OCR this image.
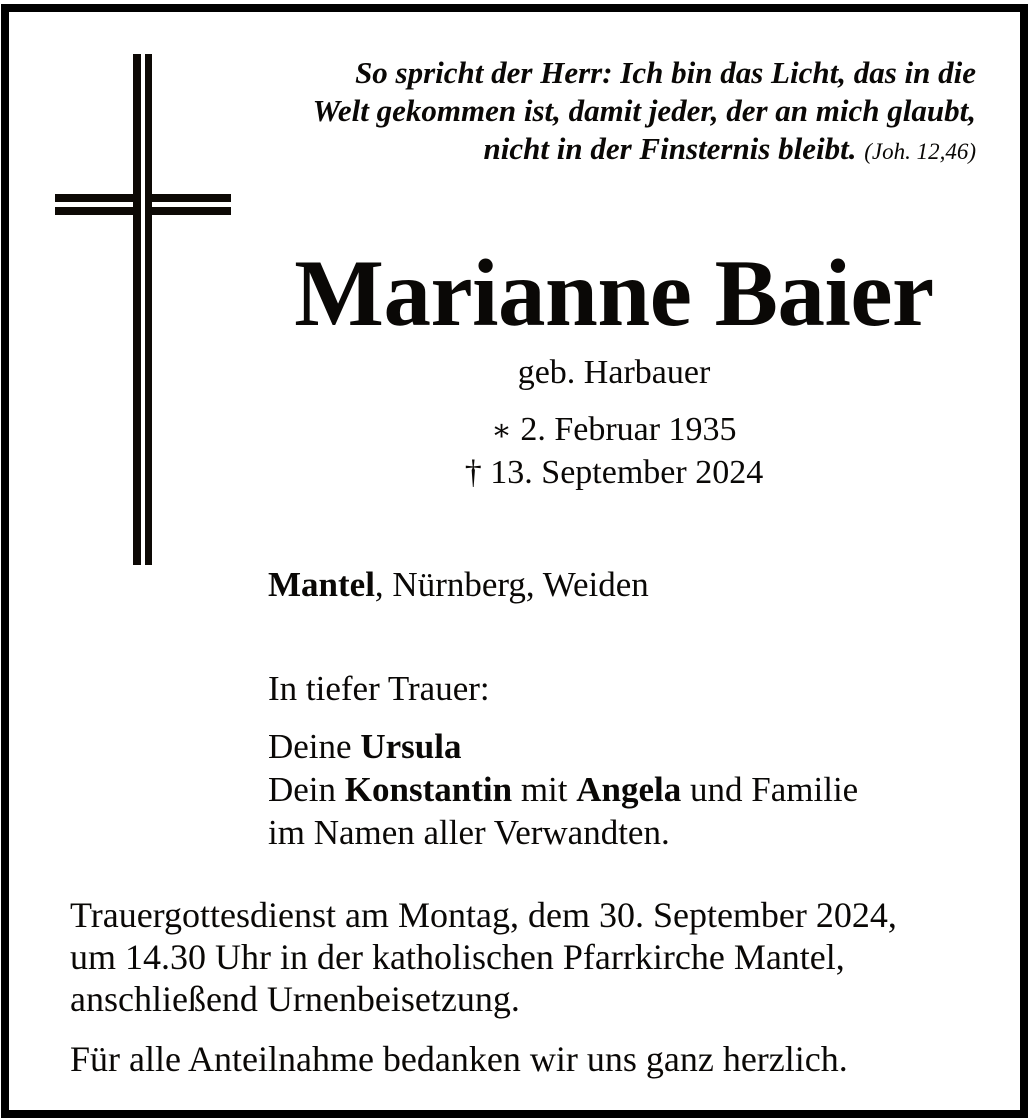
So spricht der Herr: Ich bin das Licht, das in die
Welt gekommen ist, damit jeder, der an mich glaubt,
nicht in der Finsternis bleibt. (Joh. 12,46)
Marianne Baier
geb. Harbauer
∗ 2. Februar 1935
† 13. September 2024
Mantel, Nürnberg, Weiden
In tiefer Trauer:
Deine Ursula
Dein Konstantin mit Angela und Familie
im Namen aller Verwandten.
Trauergottesdienst am Montag, dem 30. September 2024,
um 14.30 Uhr in der katholischen Pfarrkirche Mantel,
anschließend Urnenbeisetzung.
Für alle Anteilnahme bedanken wir uns ganz herzlich.
